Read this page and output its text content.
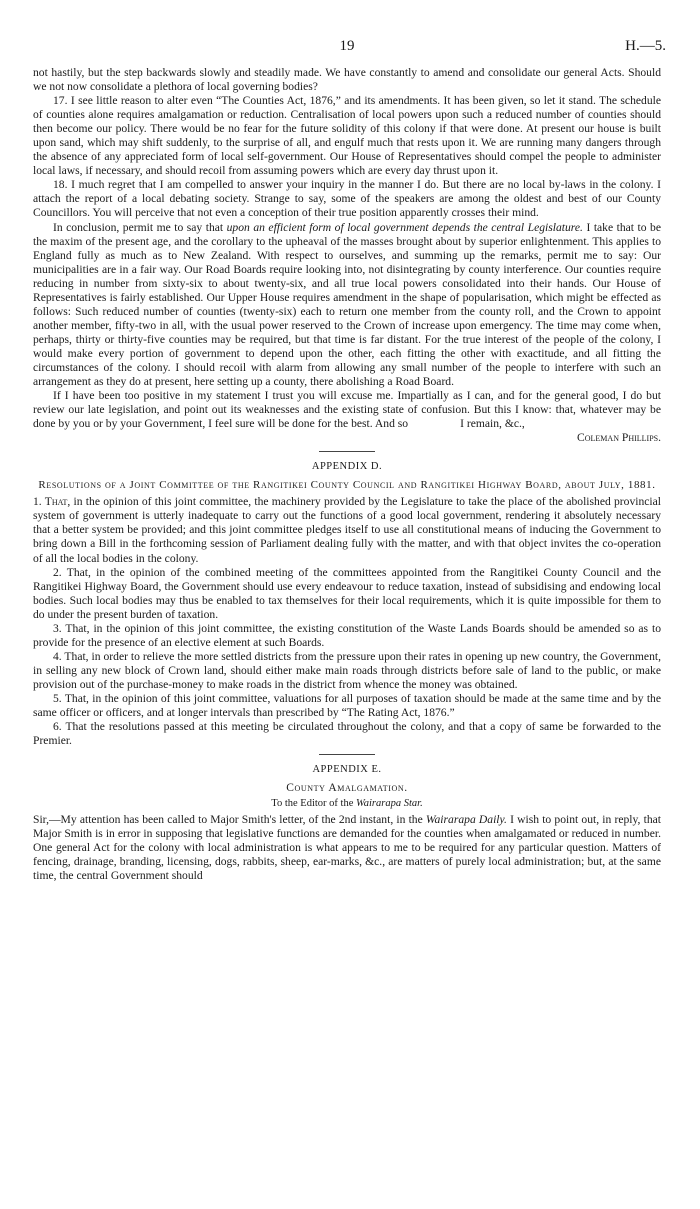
19	H.—5.

not hastily, but the step backwards slowly and steadily made. We have constantly to amend and consolidate our general Acts. Should we not now consolidate a plethora of local governing bodies?

17. I see little reason to alter even “The Counties Act, 1876,” and its amendments. It has been given, so let it stand. The schedule of counties alone requires amalgamation or reduction. Centralisation of local powers upon such a reduced number of counties should then become our policy. There would be no fear for the future solidity of this colony if that were done. At present our house is built upon sand, which may shift suddenly, to the surprise of all, and engulf much that rests upon it. We are running many dangers through the absence of any appreciated form of local self-government. Our House of Representatives should compel the people to administer local laws, if necessary, and should recoil from assuming powers which are every day thrust upon it.

18. I much regret that I am compelled to answer your inquiry in the manner I do. But there are no local by-laws in the colony. I attach the report of a local debating society. Strange to say, some of the speakers are among the oldest and best of our County Councillors. You will perceive that not even a conception of their true position apparently crosses their mind.

In conclusion, permit me to say that upon an efficient form of local government depends the central Legislature. I take that to be the maxim of the present age, and the corollary to the upheaval of the masses brought about by superior enlightenment. This applies to England fully as much as to New Zealand. With respect to ourselves, and summing up the remarks, permit me to say: Our municipalities are in a fair way. Our Road Boards require looking into, not disintegrating by county interference. Our counties require reducing in number from sixty-six to about twenty-six, and all true local powers consolidated into their hands. Our House of Representatives is fairly established. Our Upper House requires amendment in the shape of popularisation, which might be effected as follows: Such reduced number of counties (twenty-six) each to return one member from the county roll, and the Crown to appoint another member, fifty-two in all, with the usual power reserved to the Crown of increase upon emergency. The time may come when, perhaps, thirty or thirty-five counties may be required, but that time is far distant. For the true interest of the people of the colony, I would make every portion of government to depend upon the other, each fitting the other with exactitude, and all fitting the circumstances of the colony. I should recoil with alarm from allowing any small number of the people to interfere with such an arrangement as they do at present, here setting up a county, there abolishing a Road Board.

If I have been too positive in my statement I trust you will excuse me. Impartially as I can, and for the general good, I do but review our late legislation, and point out its weaknesses and the existing state of confusion. But this I know: that, whatever may be done by you or by your Government, I feel sure will be done for the best. And so	I remain, &c.,

Coleman Phillips.

APPENDIX D.
Resolutions of a Joint Committee of the Rangitikei County Council and Rangitikei Highway Board, about July, 1881.

1. That, in the opinion of this joint committee, the machinery provided by the Legislature to take the place of the abolished provincial system of government is utterly inadequate to carry out the functions of a good local government, rendering it absolutely necessary that a better system be provided; and this joint committee pledges itself to use all constitutional means of inducing the Government to bring down a Bill in the forthcoming session of Parliament dealing fully with the matter, and with that object invites the co-operation of all the local bodies in the colony.

2. That, in the opinion of the combined meeting of the committees appointed from the Rangitikei County Council and the Rangitikei Highway Board, the Government should use every endeavour to reduce taxation, instead of subsidising and endowing local bodies. Such local bodies may thus be enabled to tax themselves for their local requirements, which it is quite impossible for them to do under the present burden of taxation.

3. That, in the opinion of this joint committee, the existing constitution of the Waste Lands Boards should be amended so as to provide for the presence of an elective element at such Boards.

4. That, in order to relieve the more settled districts from the pressure upon their rates in opening up new country, the Government, in selling any new block of Crown land, should either make main roads through districts before sale of land to the public, or make provision out of the purchase-money to make roads in the district from whence the money was obtained.

5. That, in the opinion of this joint committee, valuations for all purposes of taxation should be made at the same time and by the same officer or officers, and at longer intervals than prescribed by “The Rating Act, 1876.”

6. That the resolutions passed at this meeting be circulated throughout the colony, and that a copy of same be forwarded to the Premier.

APPENDIX E.
County Amalgamation.
To the Editor of the Wairarapa Star.

Sir,—My attention has been called to Major Smith's letter, of the 2nd instant, in the Wairarapa Daily. I wish to point out, in reply, that Major Smith is in error in supposing that legislative functions are demanded for the counties when amalgamated or reduced in number. One general Act for the colony with local administration is what appears to me to be required for any particular question. Matters of fencing, drainage, branding, licensing, dogs, rabbits, sheep, ear-marks, &c., are matters of purely local administration; but, at the same time, the central Government should
